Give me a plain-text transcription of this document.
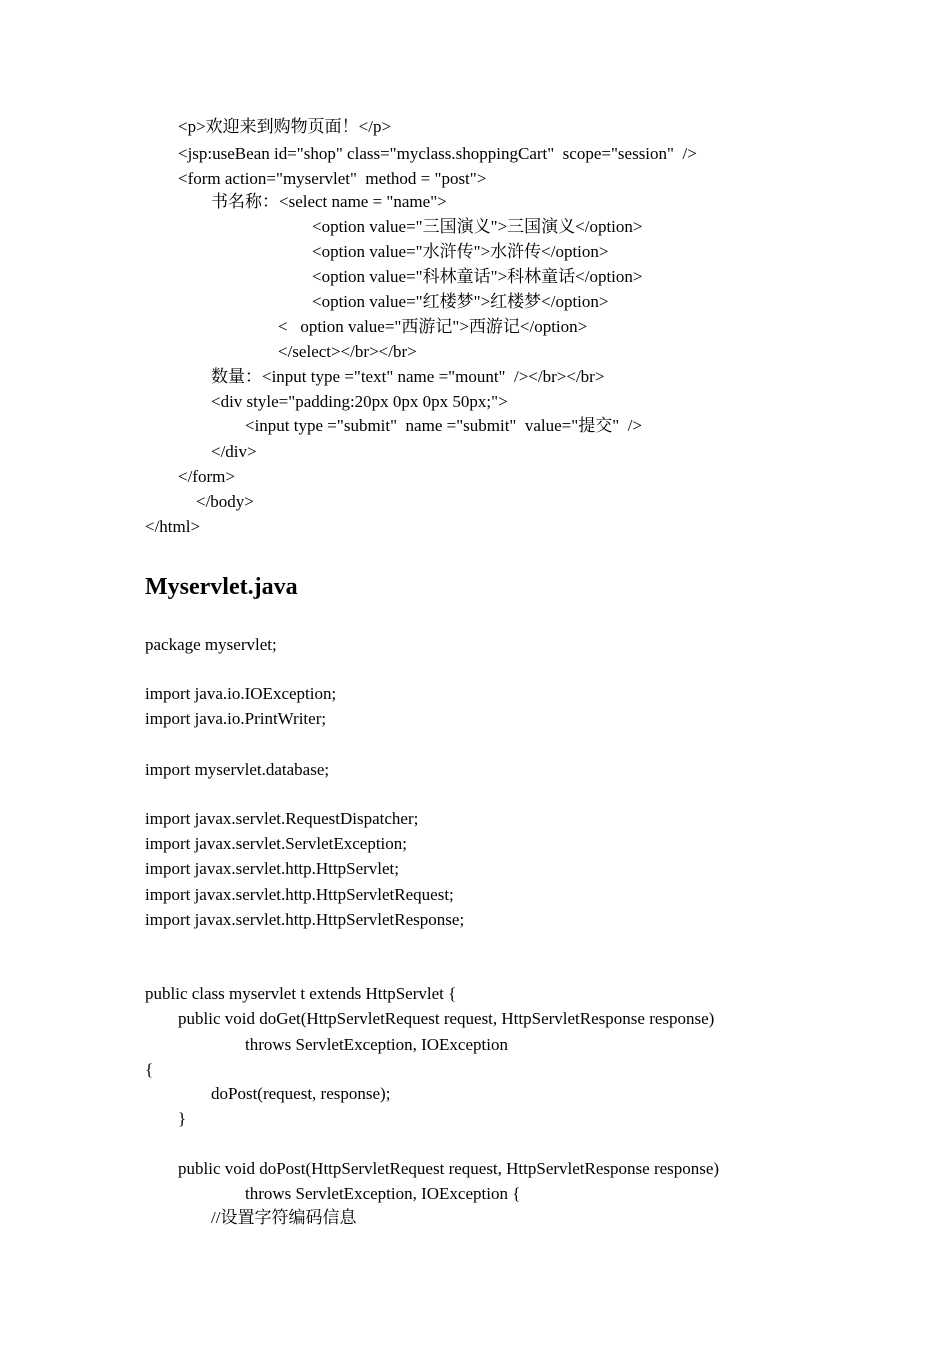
<p>欢迎来到购物页面！</p>
<jsp:useBean id="shop" class="myclass.shoppingCart"  scope="session"  />
<form action="myservlet"  method = "post">
书名称：<select name = "name">
<option value="三国演义">三国演义</option>
<option value="水浒传">水浒传</option>
<option value="科林童话">科林童话</option>
<option value="红楼梦">红楼梦</option>
<   option value="西游记">西游记</option>
</select></br></br>
数量：<input type ="text" name ="mount"  /></br></br>
<div style="padding:20px 0px 0px 50px;">
<input type ="submit"  name ="submit"  value="提交"  />
</div>
</form>
</body>
</html>
Myservlet.java
package myservlet;
import java.io.IOException;
import java.io.PrintWriter;
import myservlet.database;
import javax.servlet.RequestDispatcher;
import javax.servlet.ServletException;
import javax.servlet.http.HttpServlet;
import javax.servlet.http.HttpServletRequest;
import javax.servlet.http.HttpServletResponse;
public class myservlet t extends HttpServlet {
public void doGet(HttpServletRequest request, HttpServletResponse response)
throws ServletException, IOException
{
doPost(request, response);
}
public void doPost(HttpServletRequest request, HttpServletResponse response)
throws ServletException, IOException {
//设置字符编码信息
